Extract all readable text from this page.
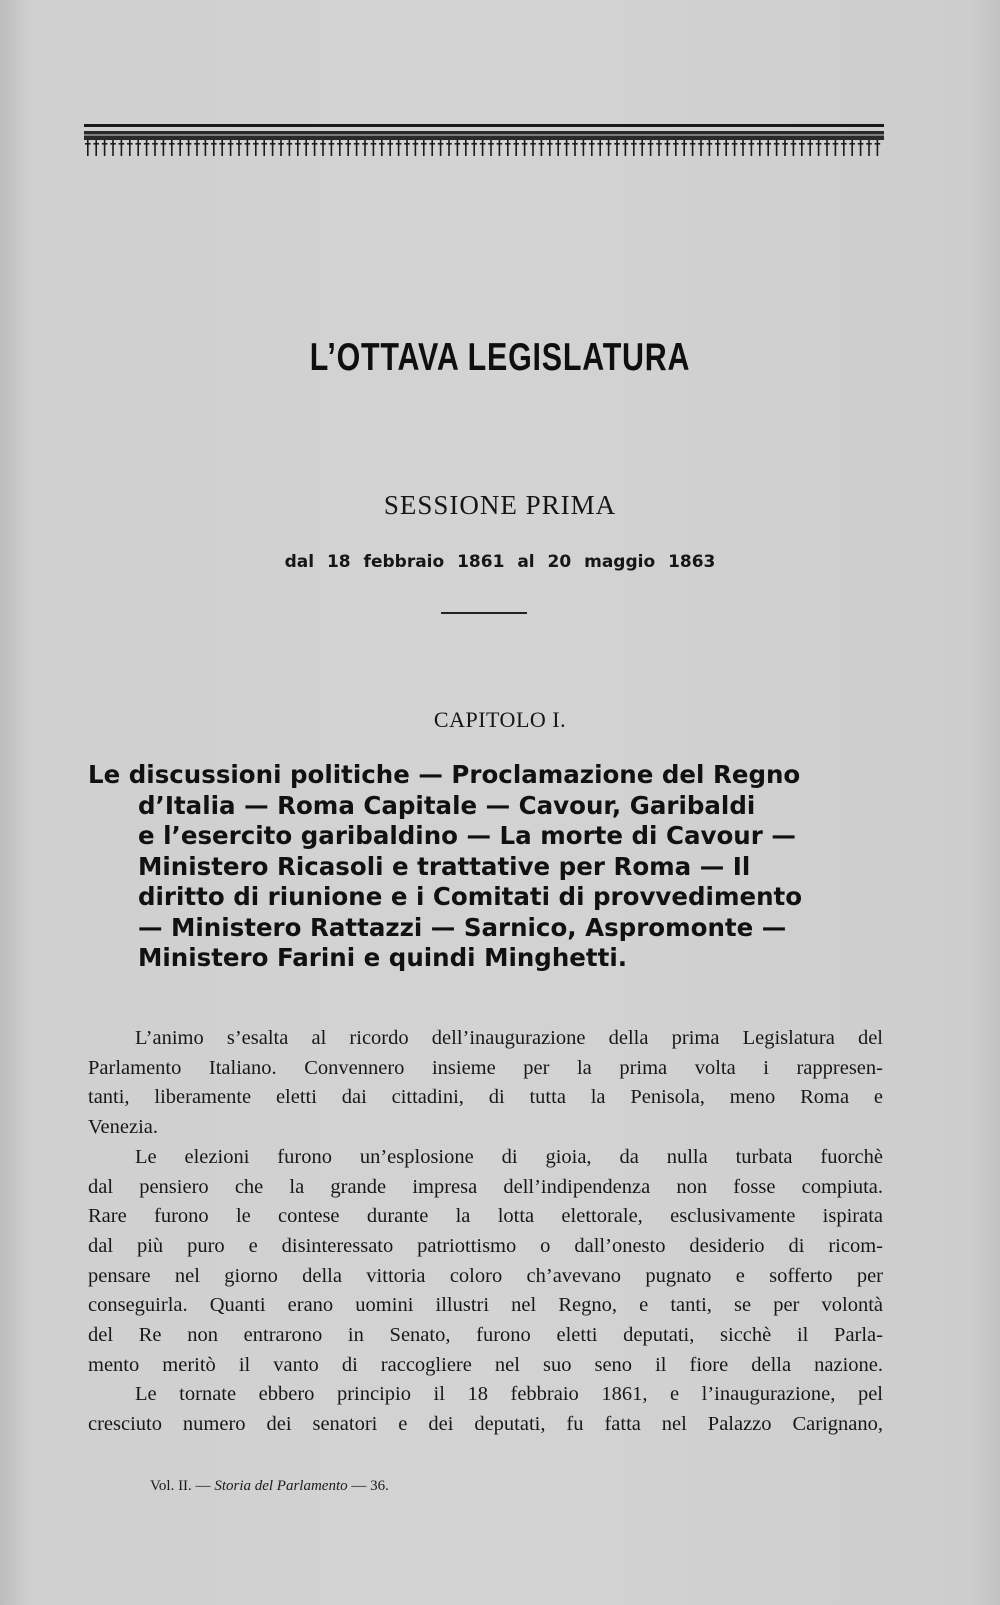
L’OTTAVA LEGISLATURA
SESSIONE PRIMA
dal 18 febbraio 1861 al 20 maggio 1863
CAPITOLO I.
Le discussioni politiche — Proclamazione del Regno
d’Italia — Roma Capitale — Cavour, Garibaldi
e l’esercito garibaldino — La morte di Cavour —
Ministero Ricasoli e trattative per Roma — Il
diritto di riunione e i Comitati di provvedimento
— Ministero Rattazzi — Sarnico, Aspromonte —
Ministero Farini e quindi Minghetti.
L’animo s’esalta al ricordo dell’inaugurazione della prima Legislatura del
Parlamento Italiano. Convennero insieme per la prima volta i rappresen-
tanti, liberamente eletti dai cittadini, di tutta la Penisola, meno Roma e
Venezia.
Le elezioni furono un’esplosione di gioia, da nulla turbata fuorchè
dal pensiero che la grande impresa dell’indipendenza non fosse compiuta.
Rare furono le contese durante la lotta elettorale, esclusivamente ispirata
dal più puro e disinteressato patriottismo o dall’onesto desiderio di ricom-
pensare nel giorno della vittoria coloro ch’avevano pugnato e sofferto per
conseguirla. Quanti erano uomini illustri nel Regno, e tanti, se per volontà
del Re non entrarono in Senato, furono eletti deputati, sicchè il Parla-
mento meritò il vanto di raccogliere nel suo seno il fiore della nazione.
Le tornate ebbero principio il 18 febbraio 1861, e l’inaugurazione, pel
cresciuto numero dei senatori e dei deputati, fu fatta nel Palazzo Carignano,
Vol. II. — Storia del Parlamento — 36.
